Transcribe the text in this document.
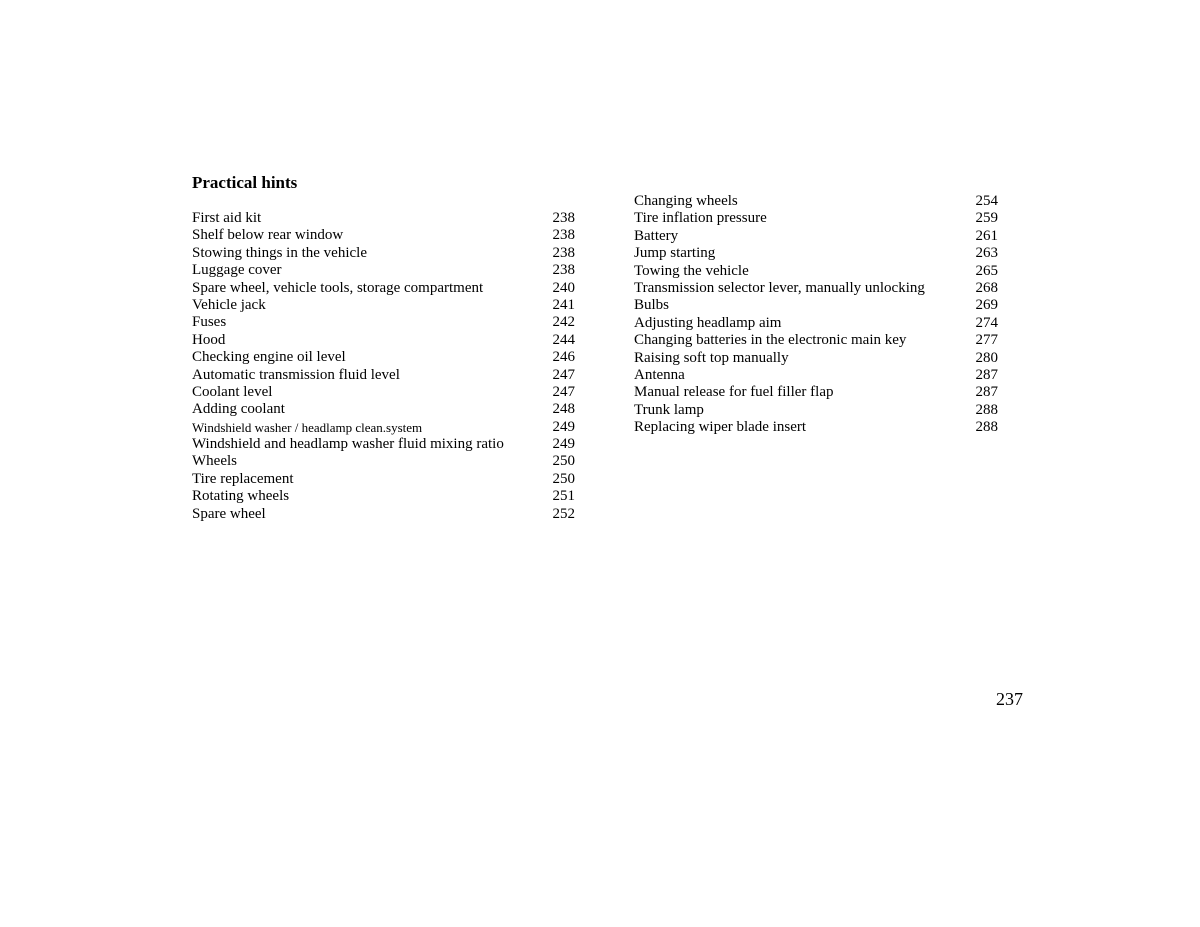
Practical hints
First aid kit	238
Shelf below rear window	238
Stowing things in the vehicle	238
Luggage cover	238
Spare wheel, vehicle tools, storage compartment	240
Vehicle jack	241
Fuses	242
Hood	244
Checking engine oil level	246
Automatic transmission fluid level	247
Coolant level	247
Adding coolant	248
Windshield washer / headlamp clean.system	249
Windshield and headlamp washer fluid mixing ratio	249
Wheels	250
Tire replacement	250
Rotating wheels	251
Spare wheel	252
Changing wheels	254
Tire inflation pressure	259
Battery	261
Jump starting	263
Towing the vehicle	265
Transmission selector lever, manually unlocking	268
Bulbs	269
Adjusting headlamp aim	274
Changing batteries in the electronic main key	277
Raising soft top manually	280
Antenna	287
Manual release for fuel filler flap	287
Trunk lamp	288
Replacing wiper blade insert	288
237
